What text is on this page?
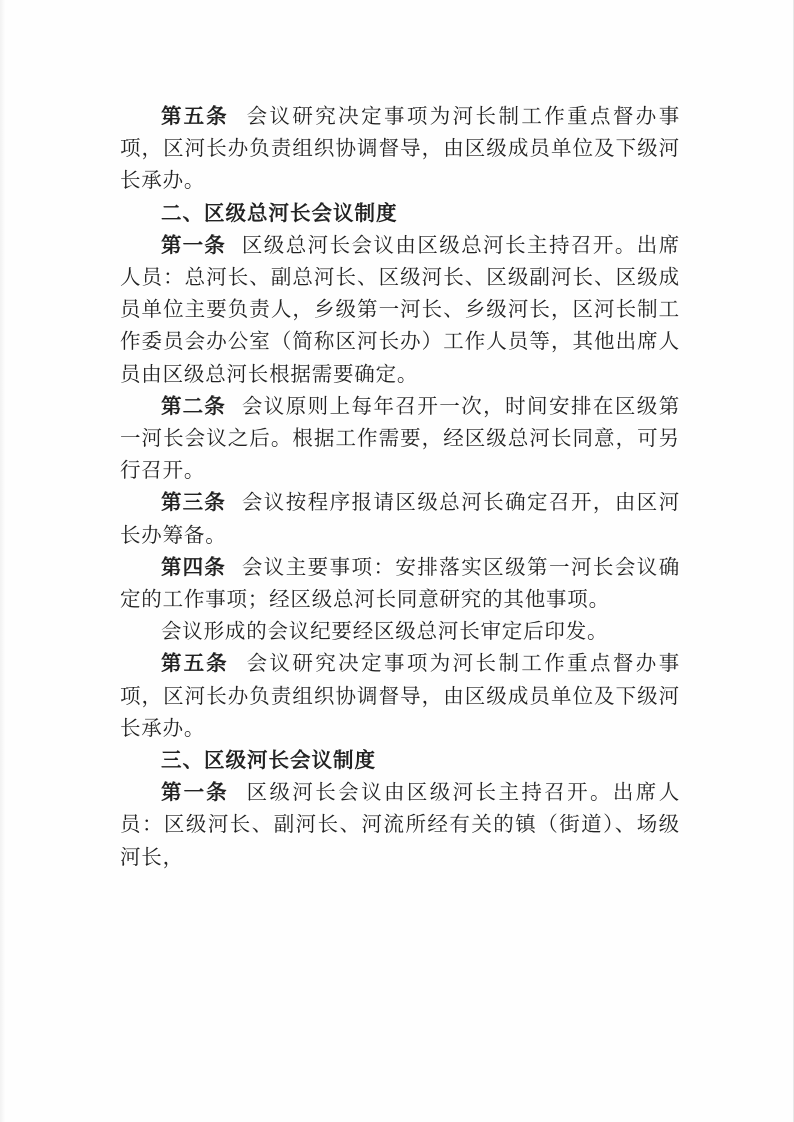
第五条 会议研究决定事项为河长制工作重点督办事项，区河长办负责组织协调督导，由区级成员单位及下级河长承办。

二、区级总河长会议制度

第一条 区级总河长会议由区级总河长主持召开。出席人员：总河长、副总河长、区级河长、区级副河长、区级成员单位主要负责人，乡级第一河长、乡级河长，区河长制工作委员会办公室（简称区河长办）工作人员等，其他出席人员由区级总河长根据需要确定。

第二条 会议原则上每年召开一次，时间安排在区级第一河长会议之后。根据工作需要，经区级总河长同意，可另行召开。

第三条 会议按程序报请区级总河长确定召开，由区河长办筹备。

第四条 会议主要事项：安排落实区级第一河长会议确定的工作事项；经区级总河长同意研究的其他事项。

会议形成的会议纪要经区级总河长审定后印发。

第五条 会议研究决定事项为河长制工作重点督办事项，区河长办负责组织协调督导，由区级成员单位及下级河长承办。

三、区级河长会议制度

第一条 区级河长会议由区级河长主持召开。出席人员：区级河长、副河长、河流所经有关的镇（街道）、场级河长，
